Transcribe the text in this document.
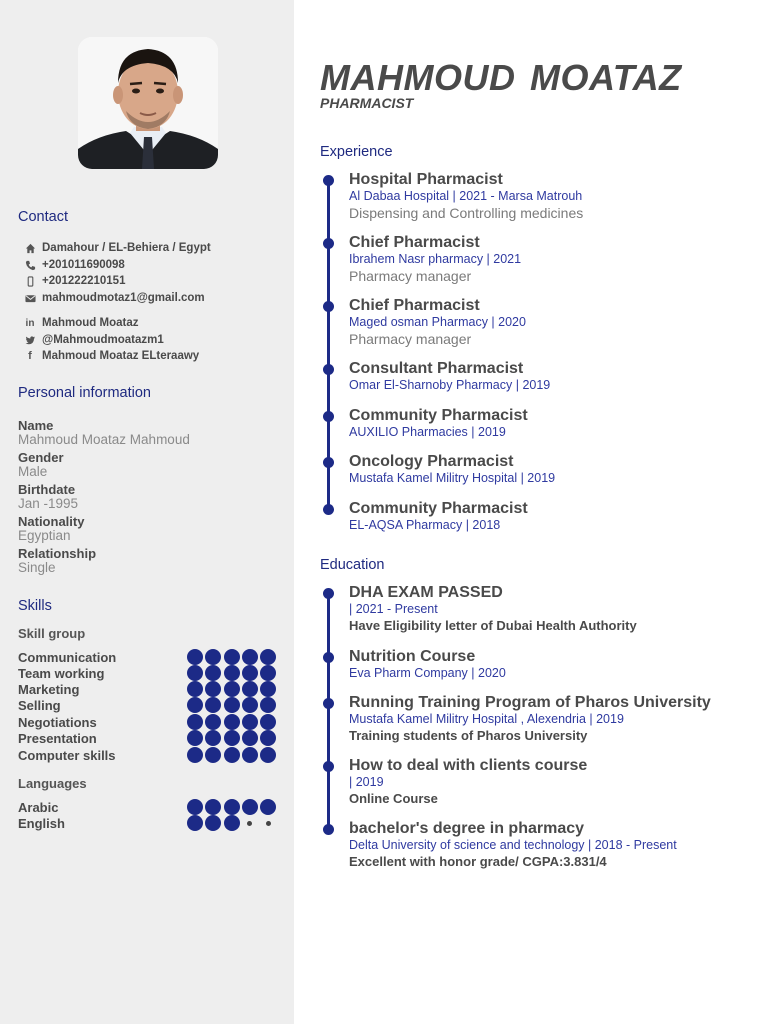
Contact
Damahour / EL-Behiera / Egypt
+201011690098
+201222210151
mahmoudmotaz1@gmail.com
in Mahmoud Moataz
@Mahmoudmoatazm1
f Mahmoud Moataz ELteraawy
Personal information
Name
Mahmoud Moataz Mahmoud
Gender
Male
Birthdate
Jan -1995
Nationality
Egyptian
Relationship
Single
Skills
Skill group
Communication
Team working
Marketing
Selling
Negotiations
Presentation
Computer skills
Languages
Arabic
English
MAHMOUD MOATAZ
PHARMACIST
Experience
Hospital Pharmacist
Al Dabaa Hospital | 2021 - Marsa Matrouh
Dispensing and Controlling medicines
Chief Pharmacist
Ibrahem Nasr pharmacy | 2021
Pharmacy manager
Chief Pharmacist
Maged osman Pharmacy | 2020
Pharmacy manager
Consultant Pharmacist
Omar El-Sharnoby Pharmacy | 2019
Community Pharmacist
AUXILIO Pharmacies | 2019
Oncology Pharmacist
Mustafa Kamel Militry Hospital | 2019
Community Pharmacist
EL-AQSA Pharmacy | 2018
Education
DHA EXAM PASSED
| 2021 - Present
Have Eligibility letter of Dubai Health Authority
Nutrition Course
Eva Pharm Company | 2020
Running Training Program of Pharos University
Mustafa Kamel Militry Hospital , Alexendria | 2019
Training students of Pharos University
How to deal with clients course
| 2019
Online Course
bachelor's degree in pharmacy
Delta University of science and technology | 2018 - Present
Excellent with honor grade/ CGPA:3.831/4
